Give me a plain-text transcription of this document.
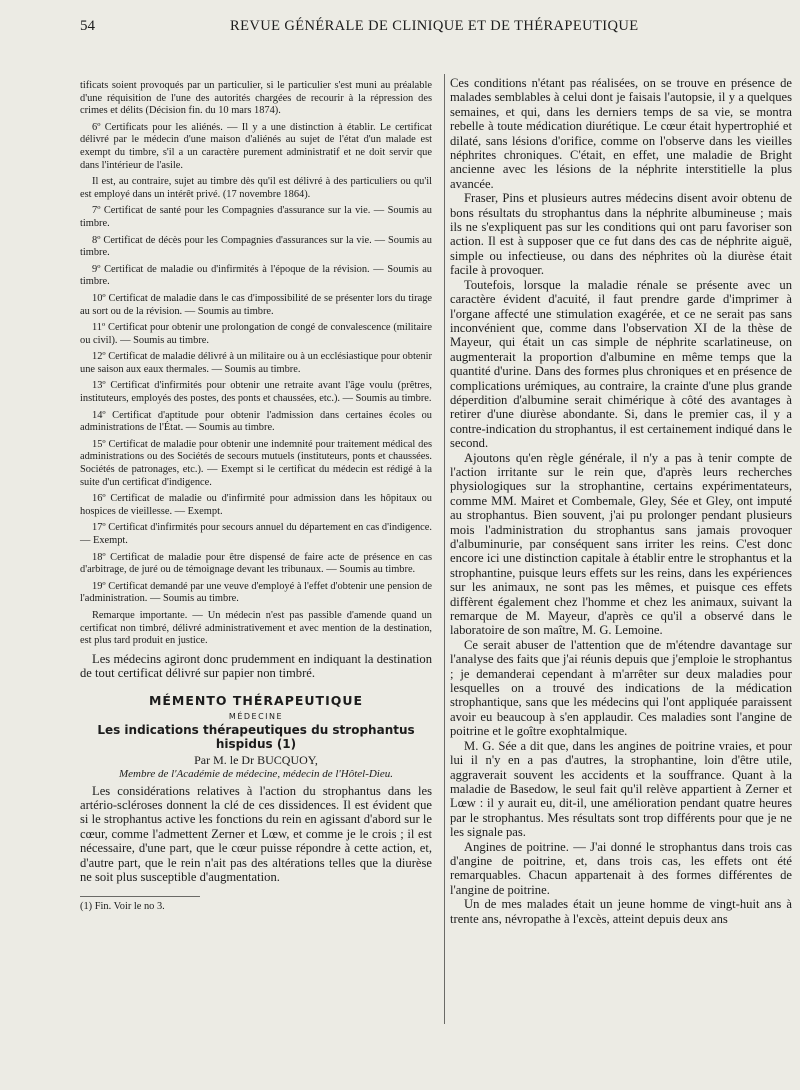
54	REVUE GÉNÉRALE DE CLINIQUE ET DE THÉRAPEUTIQUE

tificats soient provoqués par un particulier, si le particulier s'est muni au préalable d'une réquisition de l'une des autorités chargées de recourir à la répression des crimes et délits (Décision fin. du 10 mars 1874).

6º Certificats pour les aliénés. — Il y a une distinction à établir. Le certificat délivré par le médecin d'une maison d'aliénés au sujet de l'état d'un malade est exempt du timbre, s'il a un caractère purement administratif et ne doit servir que dans l'intérieur de l'asile.

Il est, au contraire, sujet au timbre dès qu'il est délivré à des particuliers ou qu'il est employé dans un intérêt privé. (17 novembre 1864).

7º Certificat de santé pour les Compagnies d'assurance sur la vie. — Soumis au timbre.

8º Certificat de décès pour les Compagnies d'assurances sur la vie. — Soumis au timbre.

9º Certificat de maladie ou d'infirmités à l'époque de la révision. — Soumis au timbre.

10º Certificat de maladie dans le cas d'impossibilité de se présenter lors du tirage au sort ou de la révision. — Soumis au timbre.

11º Certificat pour obtenir une prolongation de congé de convalescence (militaire ou civil). — Soumis au timbre.

12º Certificat de maladie délivré à un militaire ou à un ecclésiastique pour obtenir une saison aux eaux thermales. — Soumis au timbre.

13º Certificat d'infirmités pour obtenir une retraite avant l'âge voulu (prêtres, instituteurs, employés des postes, des ponts et chaussées, etc.). — Soumis au timbre.

14º Certificat d'aptitude pour obtenir l'admission dans certaines écoles ou administrations de l'État. — Soumis au timbre.

15º Certificat de maladie pour obtenir une indemnité pour traitement médical des administrations ou des Sociétés de secours mutuels (instituteurs, ponts et chaussées. Sociétés de patronages, etc.). — Exempt si le certificat du médecin est rédigé à la suite d'un certificat d'indigence.

16º Certificat de maladie ou d'infirmité pour admission dans les hôpitaux ou hospices de vieillesse. — Exempt.

17º Certificat d'infirmités pour secours annuel du département en cas d'indigence. — Exempt.

18º Certificat de maladie pour être dispensé de faire acte de présence en cas d'arbitrage, de juré ou de témoignage devant les tribunaux. — Soumis au timbre.

19º Certificat demandé par une veuve d'employé à l'effet d'obtenir une pension de l'administration. — Soumis au timbre.

Remarque importante. — Un médecin n'est pas passible d'amende quand un certificat non timbré, délivré administrativement et avec mention de la destination, est plus tard produit en justice.

Les médecins agiront donc prudemment en indiquant la destination de tout certificat délivré sur papier non timbré.

MÉMENTO THÉRAPEUTIQUE
MÉDECINE
Les indications thérapeutiques du strophantus hispidus (1)
Par M. le Dr BUCQUOY,
Membre de l'Académie de médecine, médecin de l'Hôtel-Dieu.

Les considérations relatives à l'action du strophantus dans les artério-scléroses donnent la clé de ces dissidences. Il est évident que si le strophantus active les fonctions du rein en agissant d'abord sur le cœur, comme l'admettent Zerner et Lœw, et comme je le crois ; il est nécessaire, d'une part, que le cœur puisse répondre à cette action, et, d'autre part, que le rein n'ait pas des altérations telles que la diurèse ne soit plus susceptible d'augmentation.

(1) Fin. Voir le no 3.

Ces conditions n'étant pas réalisées, on se trouve en présence de malades semblables à celui dont je faisais l'autopsie, il y a quelques semaines, et qui, dans les derniers temps de sa vie, se montra rebelle à toute médication diurétique. Le cœur était hypertrophié et dilaté, sans lésions d'orifice, comme on l'observe dans les vieilles néphrites chroniques. C'était, en effet, une maladie de Bright ancienne avec les lésions de la néphrite interstitielle la plus avancée.

Fraser, Pins et plusieurs autres médecins disent avoir obtenu de bons résultats du strophantus dans la néphrite albumineuse ; mais ils ne s'expliquent pas sur les conditions qui ont paru favoriser son action. Il est à supposer que ce fut dans des cas de néphrite aiguë, simple ou infectieuse, ou dans des néphrites où la diurèse était facile à provoquer.

Toutefois, lorsque la maladie rénale se présente avec un caractère évident d'acuité, il faut prendre garde d'imprimer à l'organe affecté une stimulation exagérée, et ce ne serait pas sans inconvénient que, comme dans l'observation XI de la thèse de Mayeur, qui était un cas simple de néphrite scarlatineuse, on augmenterait la proportion d'albumine en même temps que la quantité d'urine. Dans des formes plus chroniques et en présence de complications urémiques, au contraire, la crainte d'une plus grande déperdition d'albumine serait chimérique à côté des avantages à retirer d'une diurèse abondante. Si, dans le premier cas, il y a contre-indication du strophantus, il est certainement indiqué dans le second.

Ajoutons qu'en règle générale, il n'y a pas à tenir compte de l'action irritante sur le rein que, d'après leurs recherches physiologiques sur la strophantine, certains expérimentateurs, comme MM. Mairet et Combemale, Gley, Sée et Gley, ont imputé au strophantus. Bien souvent, j'ai pu prolonger pendant plusieurs mois l'administration du strophantus sans jamais provoquer d'albuminurie, par conséquent sans irriter les reins. C'est donc encore ici une distinction capitale à établir entre le strophantus et la strophantine, puisque leurs effets sur les reins, dans les expériences sur les animaux, ne sont pas les mêmes, et puisque ces effets diffèrent également chez l'homme et chez les animaux, suivant la remarque de M. Mayeur, d'après ce qu'il a observé dans le laboratoire de son maître, M. G. Lemoine.

Ce serait abuser de l'attention que de m'étendre davantage sur l'analyse des faits que j'ai réunis depuis que j'emploie le strophantus ; je demanderai cependant à m'arrêter sur deux maladies pour lesquelles on a trouvé des indications de la médication strophantique, sans que les médecins qui l'ont appliquée paraissent avoir eu beaucoup à s'en applaudir. Ces maladies sont l'angine de poitrine et le goître exophtalmique.

M. G. Sée a dit que, dans les angines de poitrine vraies, et pour lui il n'y en a pas d'autres, la strophantine, loin d'être utile, aggraverait souvent les accidents et la souffrance. Quant à la maladie de Basedow, le seul fait qu'il relève appartient à Zerner et Lœw : il y aurait eu, dit-il, une amélioration pendant quatre heures par le strophantus. Mes résultats sont trop différents pour que je ne les signale pas.

Angines de poitrine. — J'ai donné le strophantus dans trois cas d'angine de poitrine, et, dans trois cas, les effets ont été remarquables. Chacun appartenait à des formes différentes de l'angine de poitrine.

Un de mes malades était un jeune homme de vingt-huit ans à trente ans, névropathe à l'excès, atteint depuis deux ans
